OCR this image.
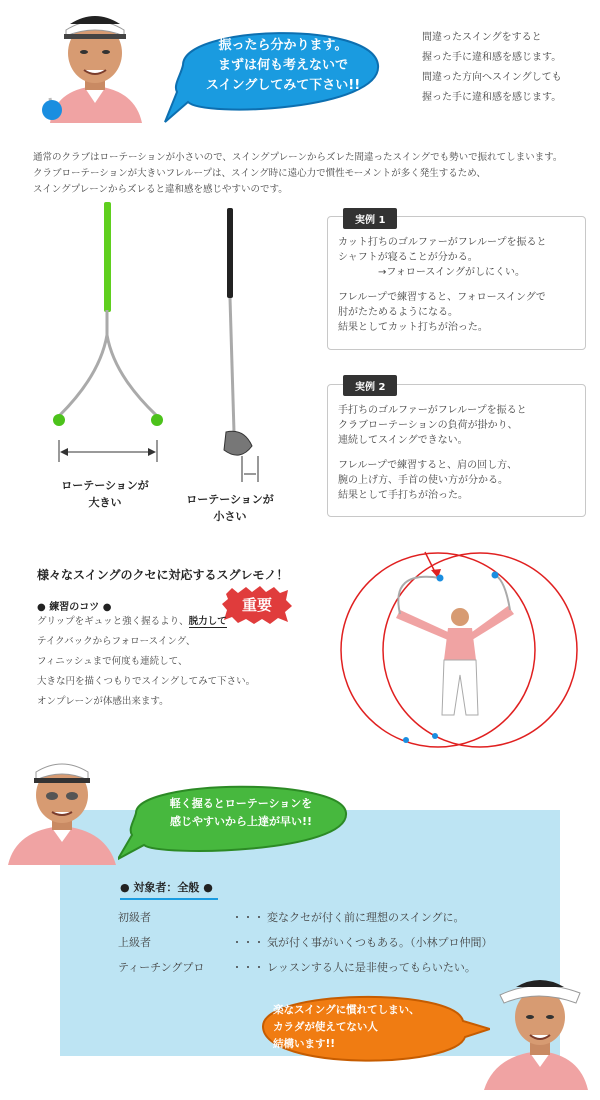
振ったら分かります。
まずは何も考えないで
スイングしてみて下さい!!
間違ったスイングをすると
握った手に違和感を感じます。
間違った方向へスイングしても
握った手に違和感を感じます。
通常のクラブはローテーションが小さいので、スイングプレーンからズレた間違ったスイングでも勢いで振れてしまいます。
クラブローテーションが大きいフレループは、スイング時に遠心力で慣性モーメントが多く発生するため、
スイングプレーンからズレると違和感を感じやすいのです。
ローテーションが
大きい	ローテーションが
小さい
カット打ちのゴルファーがフレループを振ると
シャフトが寝ることが分かる。
　　　　→フォロースイングがしにくい。
フレループで練習すると、フォロースイングで
肘がたためるようになる。
結果としてカット打ちが治った。
実例 1
手打ちのゴルファーがフレループを振ると
クラブローテーションの負荷が掛かり、
連続してスイングできない。
フレループで練習すると、肩の回し方、
腕の上げ方、手首の使い方が分かる。
結果として手打ちが治った。
実例 2
様々なスイングのクセに対応するスグレモノ！
● 練習のコツ ●	重要
グリップをギュッと強く握るより、脱力して
テイクバックからフォロースイング、
フィニッシュまで何度も連続して、
大きな円を描くつもりでスイングしてみて下さい。
オンプレーンが体感出来ます。
軽く握るとローテーションを
感じやすいから上達が早い!!
● 対象者：全般 ●
初級者	・・・ 変なクセが付く前に理想のスイングに。
上級者	・・・ 気が付く事がいくつもある。（小林プロ仲間）
ティーチングプロ ・・・ レッスンする人に是非使ってもらいたい。
楽なスイングに慣れてしまい、
カラダが使えてない人
結構います!!
